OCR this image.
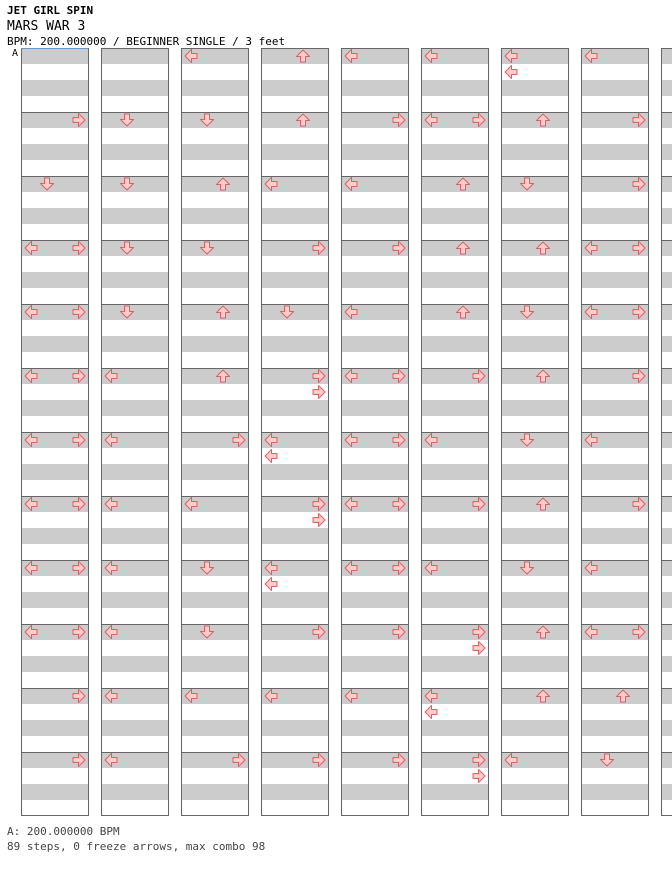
JET GIRL SPIN
MARS WAR 3
BPM: 200.000000 / BEGINNER SINGLE / 3 feet
A
A: 200.000000 BPM
89 steps, 0 freeze arrows, max combo 98
